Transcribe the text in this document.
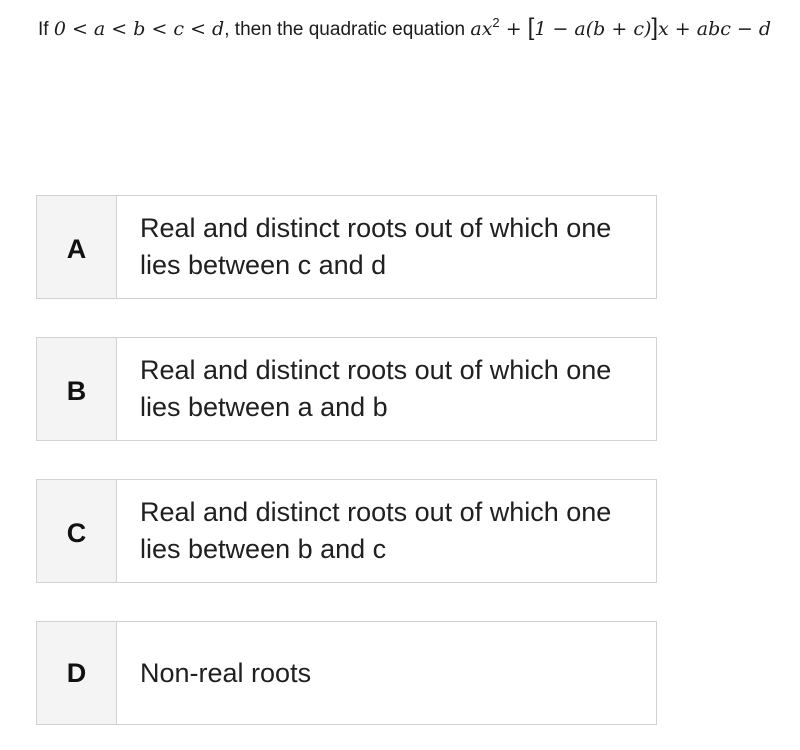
If 0 < a < b < c < d, then the quadratic equation $ax^2 + [1 - a(b + c)]x$ + abc − d
A
Real and distinct roots out of which one lies between c and d
B
Real and distinct roots out of which one lies between a and b
C
Real and distinct roots out of which one lies between b and c
D	Non-real roots
